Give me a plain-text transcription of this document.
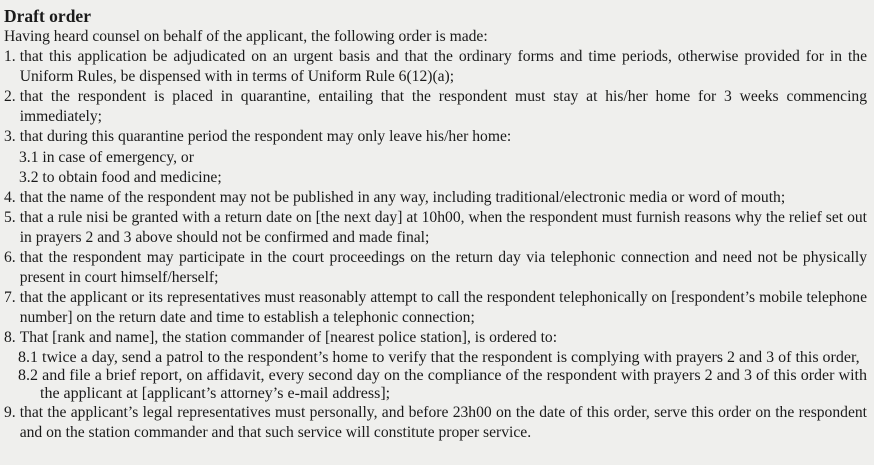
Draft order
Having heard counsel on behalf of the applicant, the following order is made:
1. that this application be adjudicated on an urgent basis and that the ordinary forms and time periods, otherwise provided for in the Uniform Rules, be dispensed with in terms of Uniform Rule 6(12)(a);
2. that the respondent is placed in quarantine, entailing that the respondent must stay at his/her home for 3 weeks commencing immediately;
3. that during this quarantine period the respondent may only leave his/her home:
3.1 in case of emergency, or
3.2 to obtain food and medicine;
4. that the name of the respondent may not be published in any way, including traditional/electronic media or word of mouth;
5. that a rule nisi be granted with a return date on [the next day] at 10h00, when the respondent must furnish reasons why the relief set out in prayers 2 and 3 above should not be confirmed and made final;
6. that the respondent may participate in the court proceedings on the return day via telephonic connection and need not be physically present in court himself/herself;
7. that the applicant or its representatives must reasonably attempt to call the respondent telephonically on [respondent’s mobile telephone number] on the return date and time to establish a telephonic connection;
8. That [rank and name], the station commander of [nearest police station], is ordered to:
8.1 twice a day, send a patrol to the respondent’s home to verify that the respondent is complying with prayers 2 and 3 of this order,
8.2 and file a brief report, on affidavit, every second day on the compliance of the respondent with prayers 2 and 3 of this order with the applicant at [applicant’s attorney’s e-mail address];
9. that the applicant’s legal representatives must personally, and before 23h00 on the date of this order, serve this order on the respondent and on the station commander and that such service will constitute proper service.
